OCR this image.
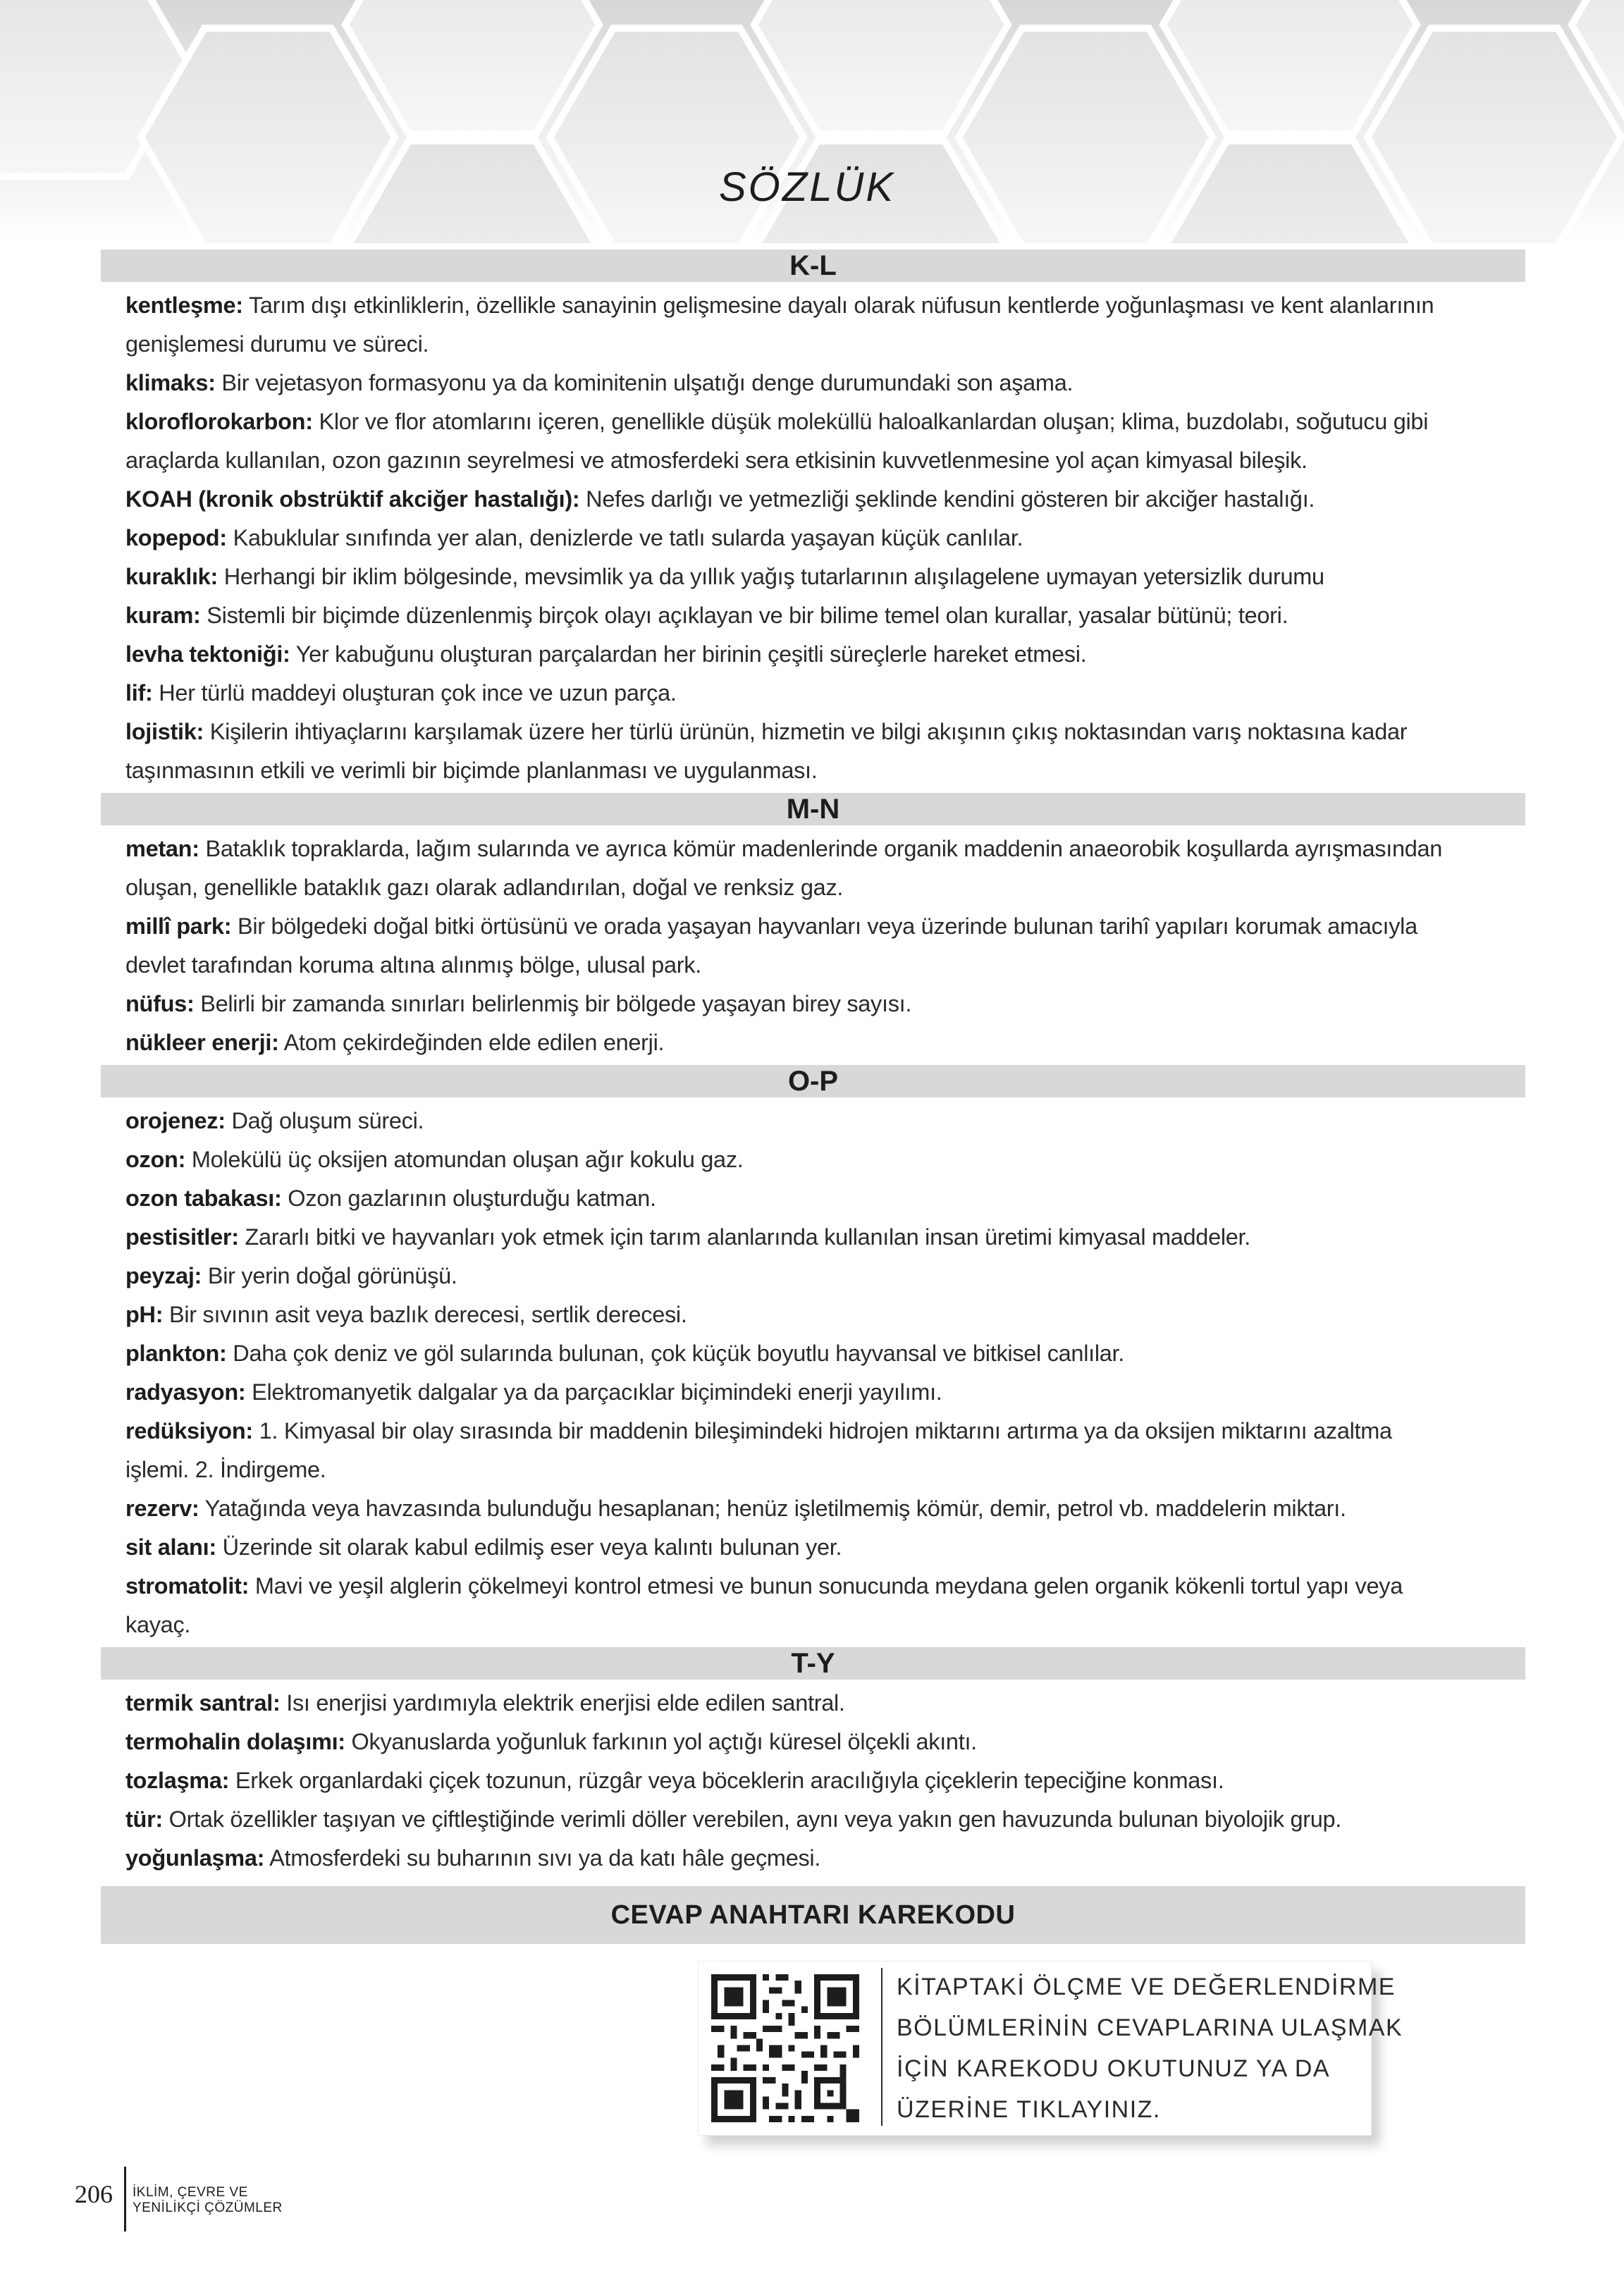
SÖZLÜK
K-L
kentleşme: Tarım dışı etkinliklerin, özellikle sanayinin gelişmesine dayalı olarak nüfusun kentlerde yoğunlaşması ve kent alanlarının genişlemesi durumu ve süreci.
klimaks: Bir vejetasyon formasyonu ya da kominitenin ulşatığı denge durumundaki son aşama.
kloroflorokarbon: Klor ve flor atomlarını içeren, genellikle düşük moleküllü haloalkanlardan oluşan; klima, buzdolabı, soğutucu gibi araçlarda kullanılan, ozon gazının seyrelmesi ve atmosferdeki sera etkisinin kuvvetlenmesine yol açan kimyasal bileşik.
KOAH (kronik obstrüktif akciğer hastalığı): Nefes darlığı ve yetmezliği şeklinde kendini gösteren bir akciğer hastalığı.
kopepod: Kabuklular sınıfında yer alan, denizlerde ve tatlı sularda yaşayan küçük canlılar.
kuraklık: Herhangi bir iklim bölgesinde, mevsimlik ya da yıllık yağış tutarlarının alışılagelene uymayan yetersizlik durumu
kuram: Sistemli bir biçimde düzenlenmiş birçok olayı açıklayan ve bir bilime temel olan kurallar, yasalar bütünü; teori.
levha tektoniği: Yer kabuğunu oluşturan parçalardan her birinin çeşitli süreçlerle hareket etmesi.
lif: Her türlü maddeyi oluşturan çok ince ve uzun parça.
lojistik: Kişilerin ihtiyaçlarını karşılamak üzere her türlü ürünün, hizmetin ve bilgi akışının çıkış noktasından varış noktasına kadar taşınmasının etkili ve verimli bir biçimde planlanması ve uygulanması.
M-N
metan: Bataklık topraklarda, lağım sularında ve ayrıca kömür madenlerinde organik maddenin anaeorobik koşullarda ayrışmasından oluşan, genellikle bataklık gazı olarak adlandırılan, doğal ve renksiz gaz.
millî park: Bir bölgedeki doğal bitki örtüsünü ve orada yaşayan hayvanları veya üzerinde bulunan tarihî yapıları korumak amacıyla devlet tarafından koruma altına alınmış bölge, ulusal park.
nüfus: Belirli bir zamanda sınırları belirlenmiş bir bölgede yaşayan birey sayısı.
nükleer enerji: Atom çekirdeğinden elde edilen enerji.
O-P
orojenez: Dağ oluşum süreci.
ozon: Molekülü üç oksijen atomundan oluşan ağır kokulu gaz.
ozon tabakası: Ozon gazlarının oluşturduğu katman.
pestisitler: Zararlı bitki ve hayvanları yok etmek için tarım alanlarında kullanılan insan üretimi kimyasal maddeler.
peyzaj: Bir yerin doğal görünüşü.
pH: Bir sıvının asit veya bazlık derecesi, sertlik derecesi.
plankton: Daha çok deniz ve göl sularında bulunan, çok küçük boyutlu hayvansal ve bitkisel canlılar.
radyasyon: Elektromanyetik dalgalar ya da parçacıklar biçimindeki enerji yayılımı.
redüksiyon: 1. Kimyasal bir olay sırasında bir maddenin bileşimindeki hidrojen miktarını artırma ya da oksijen miktarını azaltma işlemi. 2. İndirgeme.
rezerv: Yatağında veya havzasında bulunduğu hesaplanan; henüz işletilmemiş kömür, demir, petrol vb. maddelerin miktarı.
sit alanı: Üzerinde sit olarak kabul edilmiş eser veya kalıntı bulunan yer.
stromatolit: Mavi ve yeşil alglerin çökelmeyi kontrol etmesi ve bunun sonucunda meydana gelen organik kökenli tortul yapı veya kayaç.
T-Y
termik santral: Isı enerjisi yardımıyla elektrik enerjisi elde edilen santral.
termohalin dolaşımı: Okyanuslarda yoğunluk farkının yol açtığı küresel ölçekli akıntı.
tozlaşma: Erkek organlardaki çiçek tozunun, rüzgâr veya böceklerin aracılığıyla çiçeklerin tepeciğine konması.
tür: Ortak özellikler taşıyan ve çiftleştiğinde verimli döller verebilen, aynı veya yakın gen havuzunda bulunan biyolojik grup.
yoğunlaşma: Atmosferdeki su buharının sıvı ya da katı hâle geçmesi.
CEVAP ANAHTARI KAREKODU
KİTAPTAKİ ÖLÇME VE DEĞERLENDİRME
BÖLÜMLERİNİN CEVAPLARINA ULAŞMAK
İÇİN KAREKODU OKUTUNUZ YA DA
ÜZERİNE TIKLAYINIZ.
206 İKLİM, ÇEVRE VE
YENİLİKÇİ ÇÖZÜMLER
